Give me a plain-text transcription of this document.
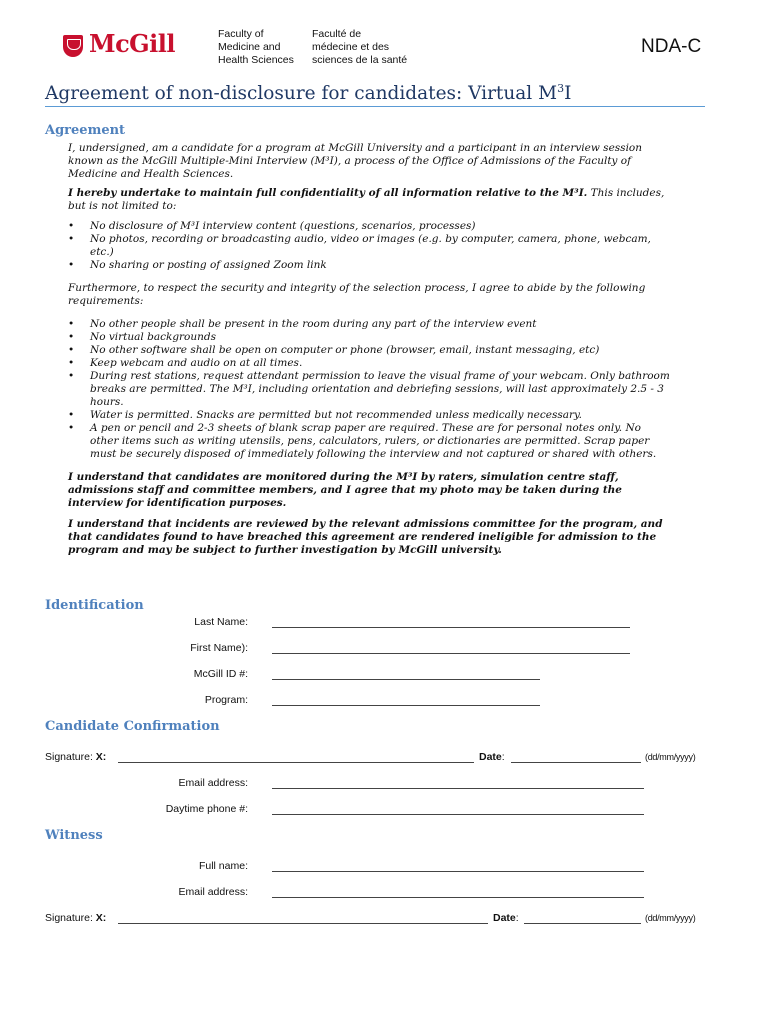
McGill	Faculty of
Medicine and
Health Sciences
Faculté de
médecine et des
sciences de la santé
NDA-C
Agreement of non-disclosure for candidates: Virtual $M^3I$
Agreement

I, undersigned, am a candidate for a program at McGill University and a participant in an interview session known as the McGill Multiple-Mini Interview (M³I), a process of the Office of Admissions of the Faculty of Medicine and Health Sciences.

I hereby undertake to maintain full confidentiality of all information relative to the M³I. This includes, but is not limited to:

• No disclosure of M³I interview content (questions, scenarios, processes)
• No photos, recording or broadcasting audio, video or images (e.g. by computer, camera, phone, webcam, etc.)
• No sharing or posting of assigned Zoom link

Furthermore, to respect the security and integrity of the selection process, I agree to abide by the following requirements:

• No other people shall be present in the room during any part of the interview event
• No virtual backgrounds
• No other software shall be open on computer or phone (browser, email, instant messaging, etc)
• Keep webcam and audio on at all times.
• During rest stations, request attendant permission to leave the visual frame of your webcam. Only bathroom breaks are permitted. The M³I, including orientation and debriefing sessions, will last approximately 2.5 - 3 hours.
• Water is permitted. Snacks are permitted but not recommended unless medically necessary.
• A pen or pencil and 2-3 sheets of blank scrap paper are required. These are for personal notes only. No other items such as writing utensils, pens, calculators, rulers, or dictionaries are permitted. Scrap paper must be securely disposed of immediately following the interview and not captured or shared with others.

I understand that candidates are monitored during the M³I by raters, simulation centre staff, admissions staff and committee members, and I agree that my photo may be taken during the interview for identification purposes.

I understand that incidents are reviewed by the relevant admissions committee for the program, and that candidates found to have breached this agreement are rendered ineligible for admission to the program and may be subject to further investigation by McGill university.

Identification
Last Name:
First Name):
McGill ID #:
Program:
Candidate Confirmation
Signature: X:	Date:	(dd/mm/yyyy)
Email address:
Daytime phone #:
Witness
Full name:
Email address:
Signature: X:	Date:	(dd/mm/yyyy)
